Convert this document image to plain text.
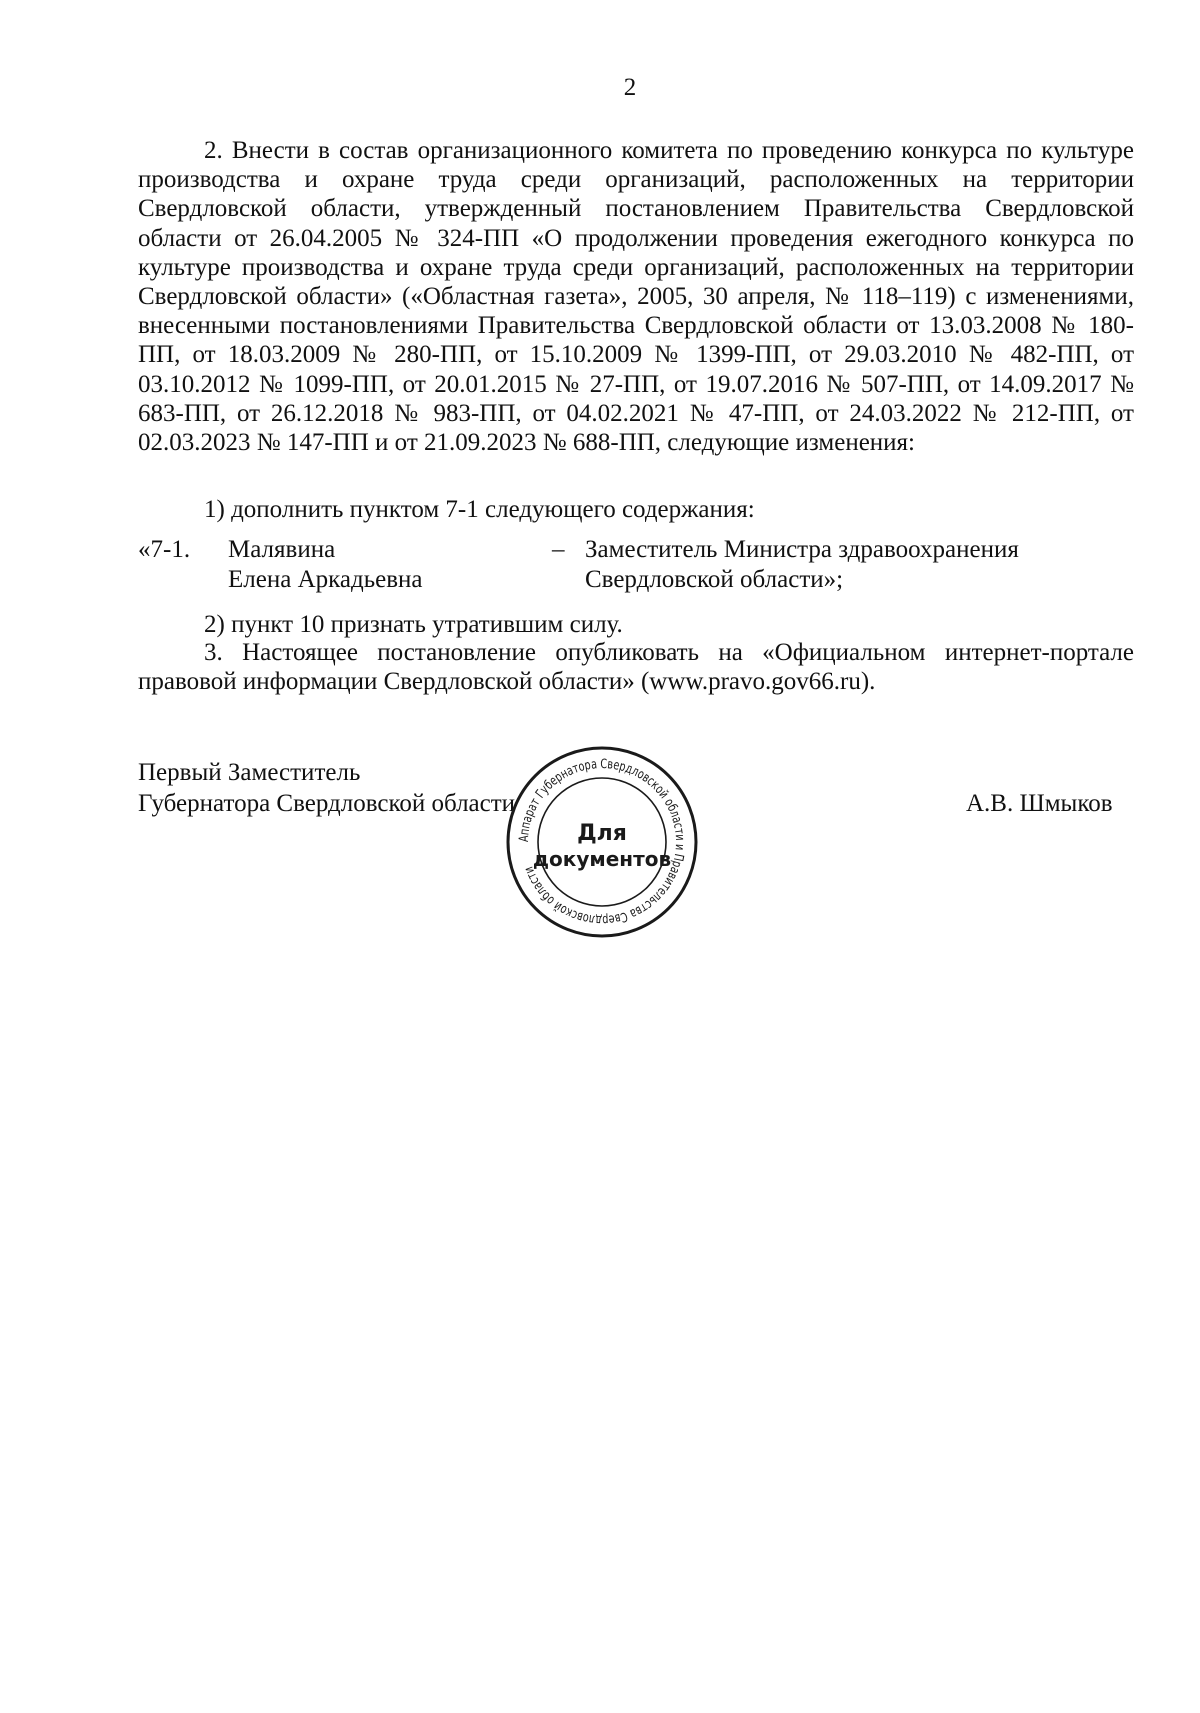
2

2. Внести в состав организационного комитета по проведению конкурса по культуре производства и охране труда среди организаций, расположенных на территории Свердловской области, утвержденный постановлением Правительства Свердловской области от 26.04.2005 № 324-ПП «О продолжении проведения ежегодного конкурса по культуре производства и охране труда среди организаций, расположенных на территории Свердловской области» («Областная газета», 2005, 30 апреля, № 118–119) с изменениями, внесенными постановлениями Правительства Свердловской области от 13.03.2008 № 180-ПП, от 18.03.2009 № 280-ПП, от 15.10.2009 № 1399-ПП, от 29.03.2010 № 482-ПП, от 03.10.2012 № 1099-ПП, от 20.01.2015 № 27-ПП, от 19.07.2016 № 507-ПП, от 14.09.2017 № 683-ПП, от 26.12.2018 № 983-ПП, от 04.02.2021 № 47-ПП, от 24.03.2022 № 212-ПП, от 02.03.2023 № 147-ПП и от 21.09.2023 № 688-ПП, следующие изменения:

1) дополнить пунктом 7-1 следующего содержания:
«7-1. Малявина
Елена Аркадьевна
– Заместитель Министра здравоохранения
Свердловской области»;
2) пункт 10 признать утратившим силу.

3. Настоящее постановление опубликовать на «Официальном интернет-портале правовой информации Свердловской области» (www.pravo.gov66.ru).

Первый Заместитель
Губернатора Свердловской области	А.В. Шмыков
Аппарат Губернатора Свердловской области и Правительства Свердловской области
Для
документов
